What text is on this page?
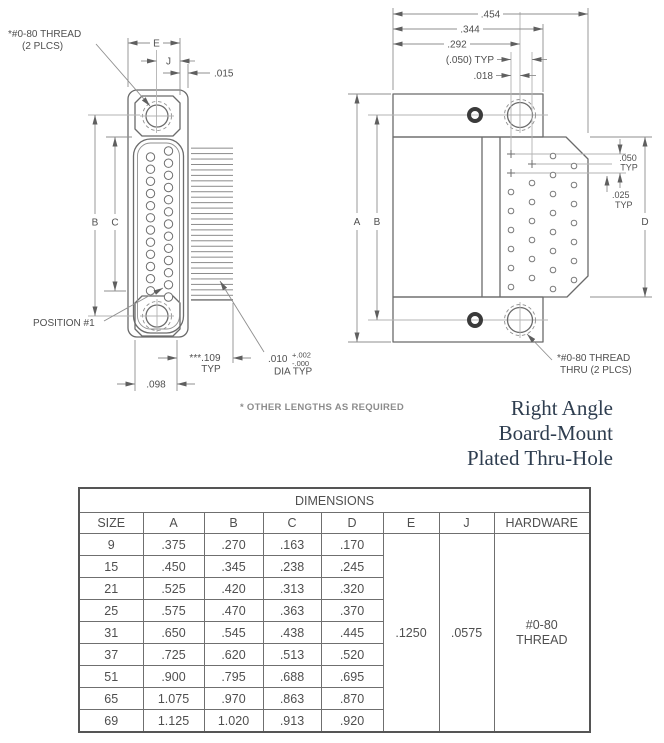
E
J
.015
*#0-80 THREAD
(2 PLCS)
B C
POSITION #1
.098
***.109
TYP
.010 +.002
-.000
DIA TYP
.454
.344
.292
(.050) TYP
.018
A B	D
.050
TYP
.025
TYP
*#0-80 THREAD
THRU (2 PLCS)
* OTHER LENGTHS AS REQUIRED	Right Angle
Board-Mount
Plated Thru-Hole
DIMENSIONS							
SIZE	A	B	C	D	E	J	HARDWARE
9	.375	.270	.163	.170	.1250	.0575	#0-80
THREAD

15	.450	.345	.238	.245			
21	.525	.420	.313	.320			
25	.575	.470	.363	.370			
31	.650	.545	.438	.445			
37	.725	.620	.513	.520			
51	.900	.795	.688	.695			
65	1.075	.970	.863	.870			
69	1.125	1.020	.913	.920			
